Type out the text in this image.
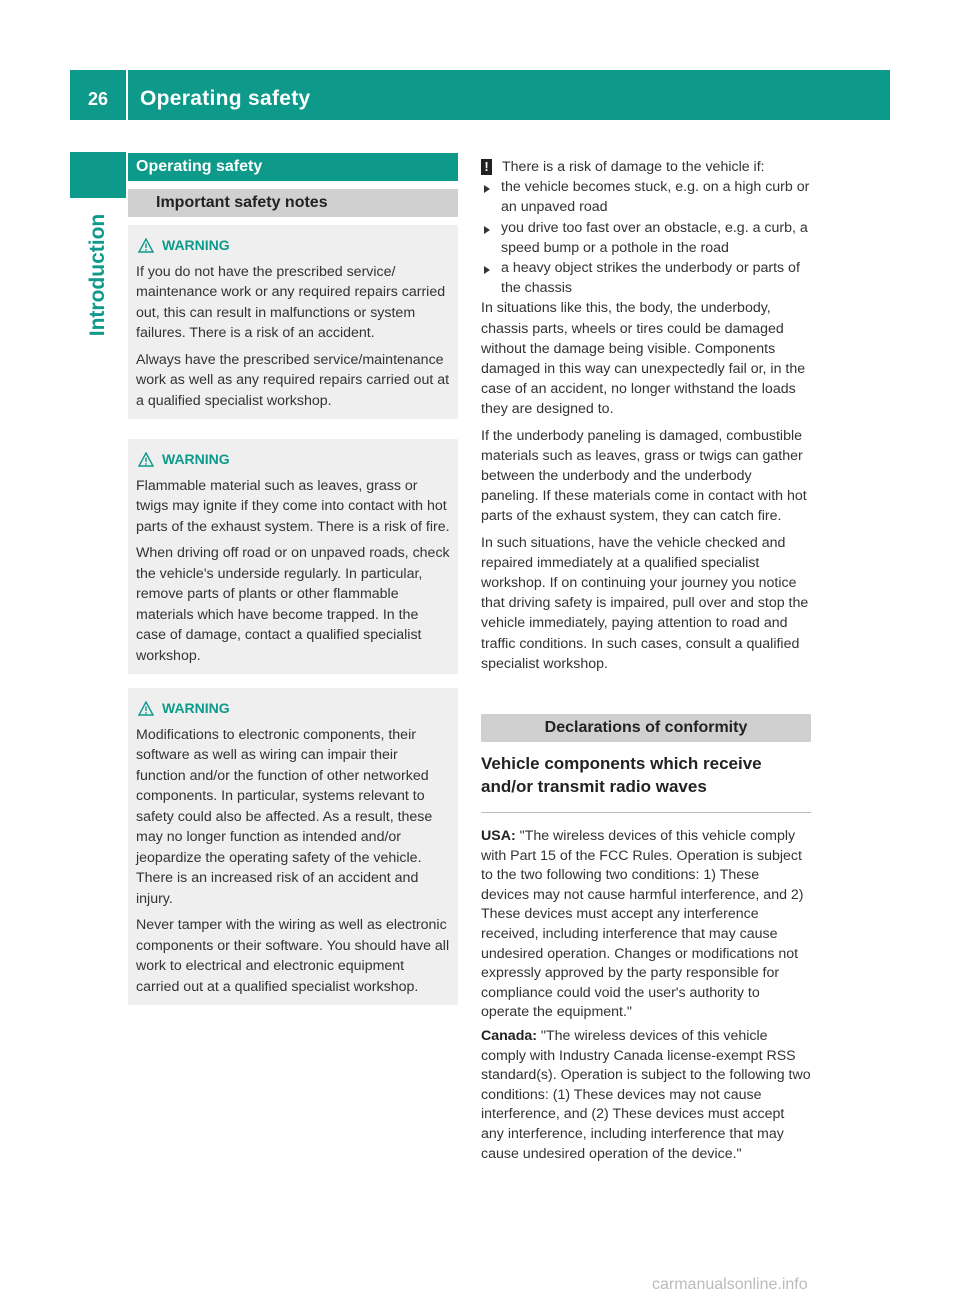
26	Operating safety
Introduction
Operating safety
Important safety notes
WARNING

If you do not have the prescribed service/ maintenance work or any required repairs carried out, this can result in malfunctions or system failures. There is a risk of an accident.

Always have the prescribed service/maintenance work as well as any required repairs carried out at a qualified specialist workshop.

WARNING

Flammable material such as leaves, grass or twigs may ignite if they come into contact with hot parts of the exhaust system. There is a risk of fire.

When driving off road or on unpaved roads, check the vehicle's underside regularly. In particular, remove parts of plants or other flammable materials which have become trapped. In the case of damage, contact a qualified specialist workshop.

WARNING

Modifications to electronic components, their software as well as wiring can impair their function and/or the function of other networked components. In particular, systems relevant to safety could also be affected. As a result, these may no longer function as intended and/or jeopardize the operating safety of the vehicle. There is an increased risk of an accident and injury.

Never tamper with the wiring as well as electronic components or their software. You should have all work to electrical and electronic equipment carried out at a qualified specialist workshop.

! There is a risk of damage to the vehicle if:
the vehicle becomes stuck, e.g. on a high curb or an unpaved road
you drive too fast over an obstacle, e.g. a curb, a speed bump or a pothole in the road
a heavy object strikes the underbody or parts of the chassis

In situations like this, the body, the underbody, chassis parts, wheels or tires could be damaged without the damage being visible. Components damaged in this way can unexpectedly fail or, in the case of an accident, no longer withstand the loads they are designed to.

If the underbody paneling is damaged, combustible materials such as leaves, grass or twigs can gather between the underbody and the underbody paneling. If these materials come in contact with hot parts of the exhaust system, they can catch fire.

In such situations, have the vehicle checked and repaired immediately at a qualified specialist workshop. If on continuing your journey you notice that driving safety is impaired, pull over and stop the vehicle immediately, paying attention to road and traffic conditions. In such cases, consult a qualified specialist workshop.

Declarations of conformity
Vehicle components which receive and/or transmit radio waves

USA: "The wireless devices of this vehicle comply with Part 15 of the FCC Rules. Operation is subject to the two following two conditions: 1) These devices may not cause harmful interference, and 2) These devices must accept any interference received, including interference that may cause undesired operation. Changes or modifications not expressly approved by the party responsible for compliance could void the user's authority to operate the equipment."

Canada: "The wireless devices of this vehicle comply with Industry Canada license-exempt RSS standard(s). Operation is subject to the following two conditions: (1) These devices may not cause interference, and (2) These devices must accept any interference, including interference that may cause undesired operation of the device."

carmanualsonline.info
